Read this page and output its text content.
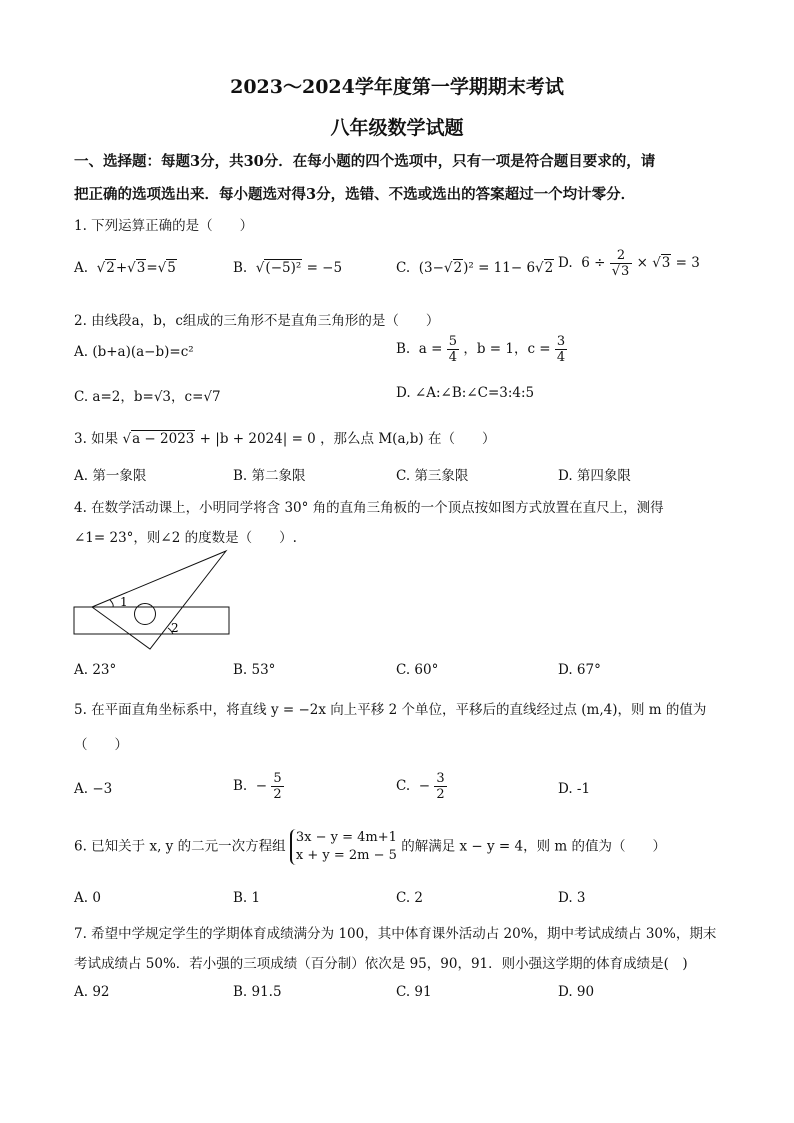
2023～2024学年度第一学期期末考试
八年级数学试题
一、选择题：每题3分，共30分．在每小题的四个选项中，只有一项是符合题目要求的，请
把正确的选项选出来．每小题选对得3分，选错、不选或选出的答案超过一个均计零分．
1. 下列运算正确的是（　　）
A.  √2+√3=√5	B.  √(−5)² = −5	C.  (3−√2)² = 11− 6√2 D.  $6 \div \frac{2}{√3} \times √3 = 3$
2. 由线段a，b，c组成的三角形不是直角三角形的是（　　）
A. (b+a)(a−b)=c²	B.  $a = \frac{5}{4}$ ，b = 1，$c = \frac{3}{4}$
C. a=2，b=√3，c=√7	D. ∠A:∠B:∠C=3:4:5
3. 如果 √a − 2023 + |b + 2024| = 0 ，那么点 M(a,b) 在（　　）
A. 第一象限	B. 第二象限	C. 第三象限	D. 第四象限
4. 在数学活动课上，小明同学将含 30° 角的直角三角板的一个顶点按如图方式放置在直尺上，测得
∠1= 23°，则∠2 的度数是（　　）.
1
2
A. 23°	B. 53°	C. 60°	D. 67°
5. 在平面直角坐标系中，将直线 y = −2x 向上平移 2 个单位，平移后的直线经过点 (m,4)，则 m 的值为
（　　）
A. −3	B.  − $\frac{5}{2}$	C.  − $\frac{3}{2}$	D. -1
6. 已知关于 x, y 的二元一次方程组
3x − y = 4m+1
x + y = 2m − 5
的解满足 x − y = 4，则 m 的值为（　　）
A. 0	B. 1	C. 2	D. 3
7. 希望中学规定学生的学期体育成绩满分为 100，其中体育课外活动占 20%，期中考试成绩占 30%，期末
考试成绩占 50%．若小强的三项成绩（百分制）依次是 95，90，91．则小强这学期的体育成绩是(　)
A. 92	B. 91.5	C. 91	D. 90
